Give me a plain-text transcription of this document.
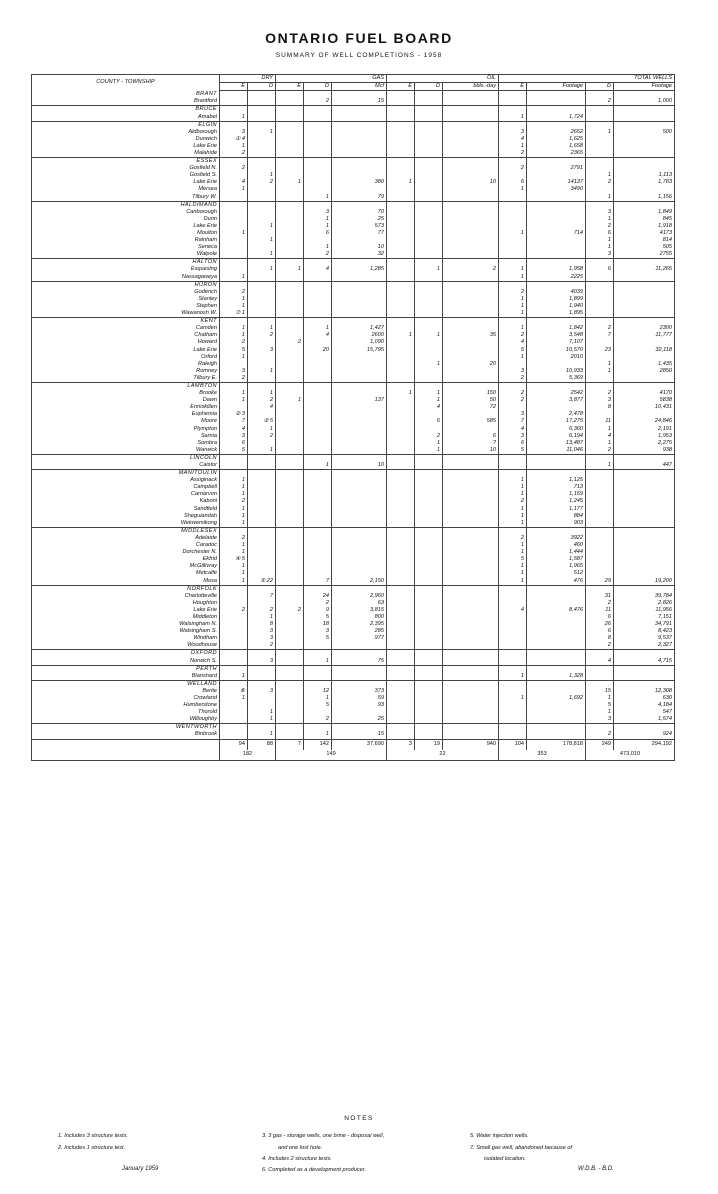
ONTARIO FUEL BOARD
SUMMARY OF WELL COMPLETIONS - 1958
COUNTY - TOWNSHIP	DRY		GAS			OIL			TOTAL WELLS			
	E	D	E	D	Mcf	E	D	bbls.-day	E	Footage	D	Footage
BRANT												
Brantford				2	15						2	1,000
BRUCE												
Amabel	1								1	1,724		
ELGIN												
Aldborough	3	1							3	2652	1	500
Dunwich	① 4								4	1,625		
Lake Erie	1								1	1,658		
Malahide	2								2	2365		
ESSEX												
Gosfield N.	2								2	2791		
Gosfield S.		1									1	1,113
Lake Erie	4	2	1		380	1		10	6	14137	2	1,783
Mersea	1								1	3490		
Tilbury W.				1	79						1	1,156
HALDIMAND												
Canborough				3	70						3	1,849
Dunn				1	25						1	845
Lake Erie		1		1	573						2	1,918
Moulton	1			6	77				1	714	6	4173
Rainham		1									1	814
Seneca				1	10						1	505
Walpole		1		2	32						3	2755
HALTON												
Esquesing		1	1	4	1,285		1	2	1	1,958	6	11,265
Nassagaweya	1								1	2225		
HURON												
Goderich	2								2	4039		
Stanley	1								1	1,899		
Stephen	1								1	1,940		
Wawanosh W.	⑦ 1								1	1,895		
KENT												
Camden	1	1		1	1,427				1	1,842	2	2300
Chatham	1	2		4	2600	1	1	35	2	3,548	7	11,777
Howard	2		2		1,090				4	7,107		
Lake Erie	5	3		20	15,795				5	10,570	23	32,118
Orford	1								1	2010		
Raleigh							1	20			1	1,435
Romney	3	1							3	10,933	1	2850
Tilbury E.	2								2	5,369		
LAMBTON												
Brooke	1	1				1	1	150	2	2542	2	4170
Dawn	1	2	1		137		1	50	2	3,877	3	5838
Enniskillen		4					4	72			8	10,431
Euphemia	② 3								3	2,478		
Moore	7	③ 5					6	585	7	17,275	11	24,846
Plympton	4	1							4	6,360	1	2,191
Sarnia	3	2					2	6	3	6,194	4	1,953
Sombra	6						1	?	6	13,487	1	2,275
Warwick	5	1					1	10	5	11,046	2	938
LINCOLN												
Caistor				1	10						1	447
MANITOULIN												
Assiginack	1								1	1,125		
Campbell	1								1	713		
Carnarvon	1								1	1,159		
Kaboni	2								2	1,245		
Sandfield	1								1	1,177		
Sheguiandah	1								1	884		
Wekwemikong	1								1	903		
MIDDLESEX												
Adelaide	2								2	3922		
Caradoc	1								1	460		
Dorchester N.	1								1	1,444		
Ekfrid	④ 5								5	1,587		
McGillivray	1								1	1,965		
Metcalfe	1								1	512		
Mosa	1	⑤ 22		7	2,150				1	476	29	19,200
NORFOLK												
Charlotteville		7		24	2,960						31	39,784
Houghton				2	63						2	2,826
Lake Erie	2	2	2	9	3,815				4	8,476	11	11,956
Middleton		1		5	800						6	7,151
Walsingham N.		8		18	2,395						26	34,791
Walsingham S.		3		3	285						6	8,423
Windham		3		5	977						8	9,537
Woodhouse		2									2	2,327
OXFORD												
Norwich S.		3		1	75						4	4,715
PERTH												
Blanshard	1								1	1,328		
WELLAND												
Bertie	⑥	3		12	373						15	12,308
Crowland	1			1	59				1	1,692	1	630
Humberstone				5	93						5	4,184
Thorold		1									1	547
Willoughby		1		2	25						3	1,574
WENTWORTH												
Binbrook		1		1	15						2	924
	94	88	7	142	37,690	3	19	940	104	178,818	249	294,192
	182		149			22			353		473,010	
NOTES
1. Includes 3 structure tests.
2. Includes 1 structure test.
3. 3 gas - storage wells, one brine - disposal well,
and one lost hole.
4. Includes 2 structure tests.
6. Completed as a development producer.
5. Water injection wells.
7. Small gas well, abandoned because of
isolated location.
January 1959	W.D.B. - B.D.
